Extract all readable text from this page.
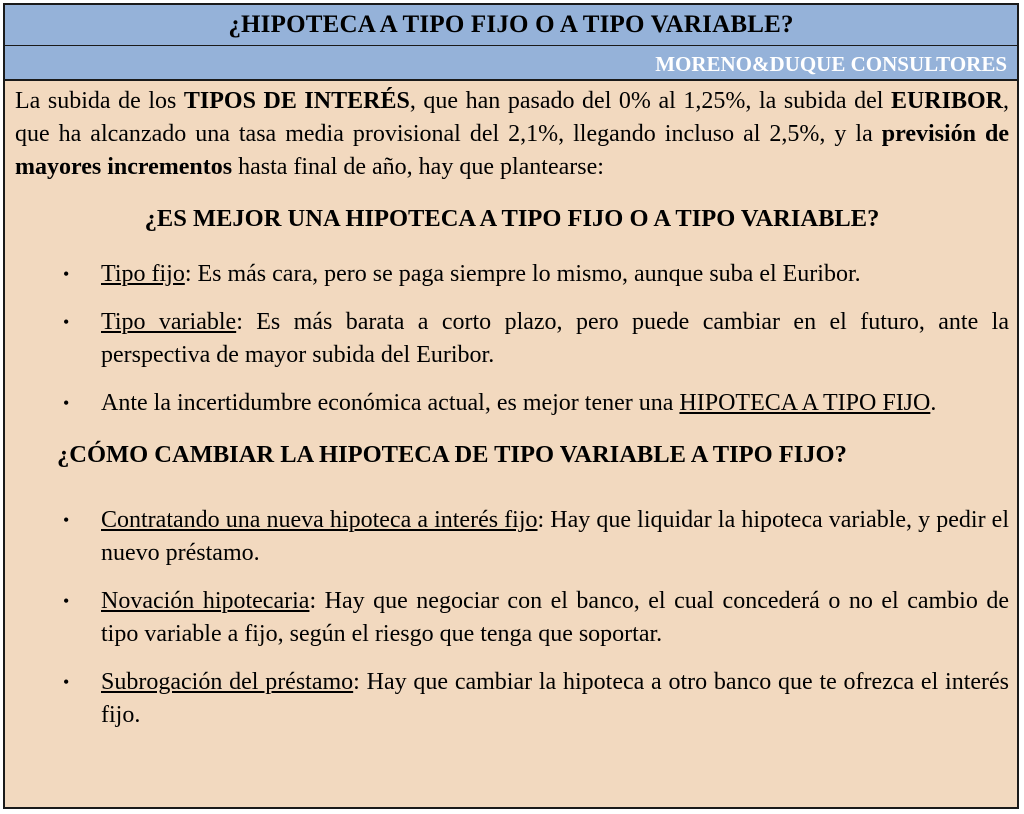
¿HIPOTECA A TIPO FIJO O A TIPO VARIABLE?
MORENO&DUQUE CONSULTORES

La subida de los TIPOS DE INTERÉS, que han pasado del 0% al 1,25%, la subida del EURIBOR, que ha alcanzado una tasa media provisional del 2,1%, llegando incluso al 2,5%, y la previsión de mayores incrementos hasta final de año, hay que plantearse:

¿ES MEJOR UNA HIPOTECA A TIPO FIJO O A TIPO VARIABLE?
• Tipo fijo: Es más cara, pero se paga siempre lo mismo, aunque suba el Euribor.
• Tipo variable: Es más barata a corto plazo, pero puede cambiar en el futuro, ante la perspectiva de mayor subida del Euribor.
• Ante la incertidumbre económica actual, es mejor tener una HIPOTECA A TIPO FIJO.
¿CÓMO CAMBIAR LA HIPOTECA DE TIPO VARIABLE A TIPO FIJO?
• Contratando una nueva hipoteca a interés fijo: Hay que liquidar la hipoteca variable, y pedir el nuevo préstamo.
• Novación hipotecaria: Hay que negociar con el banco, el cual concederá o no el cambio de tipo variable a fijo, según el riesgo que tenga que soportar.
• Subrogación del préstamo: Hay que cambiar la hipoteca a otro banco que te ofrezca el interés fijo.
